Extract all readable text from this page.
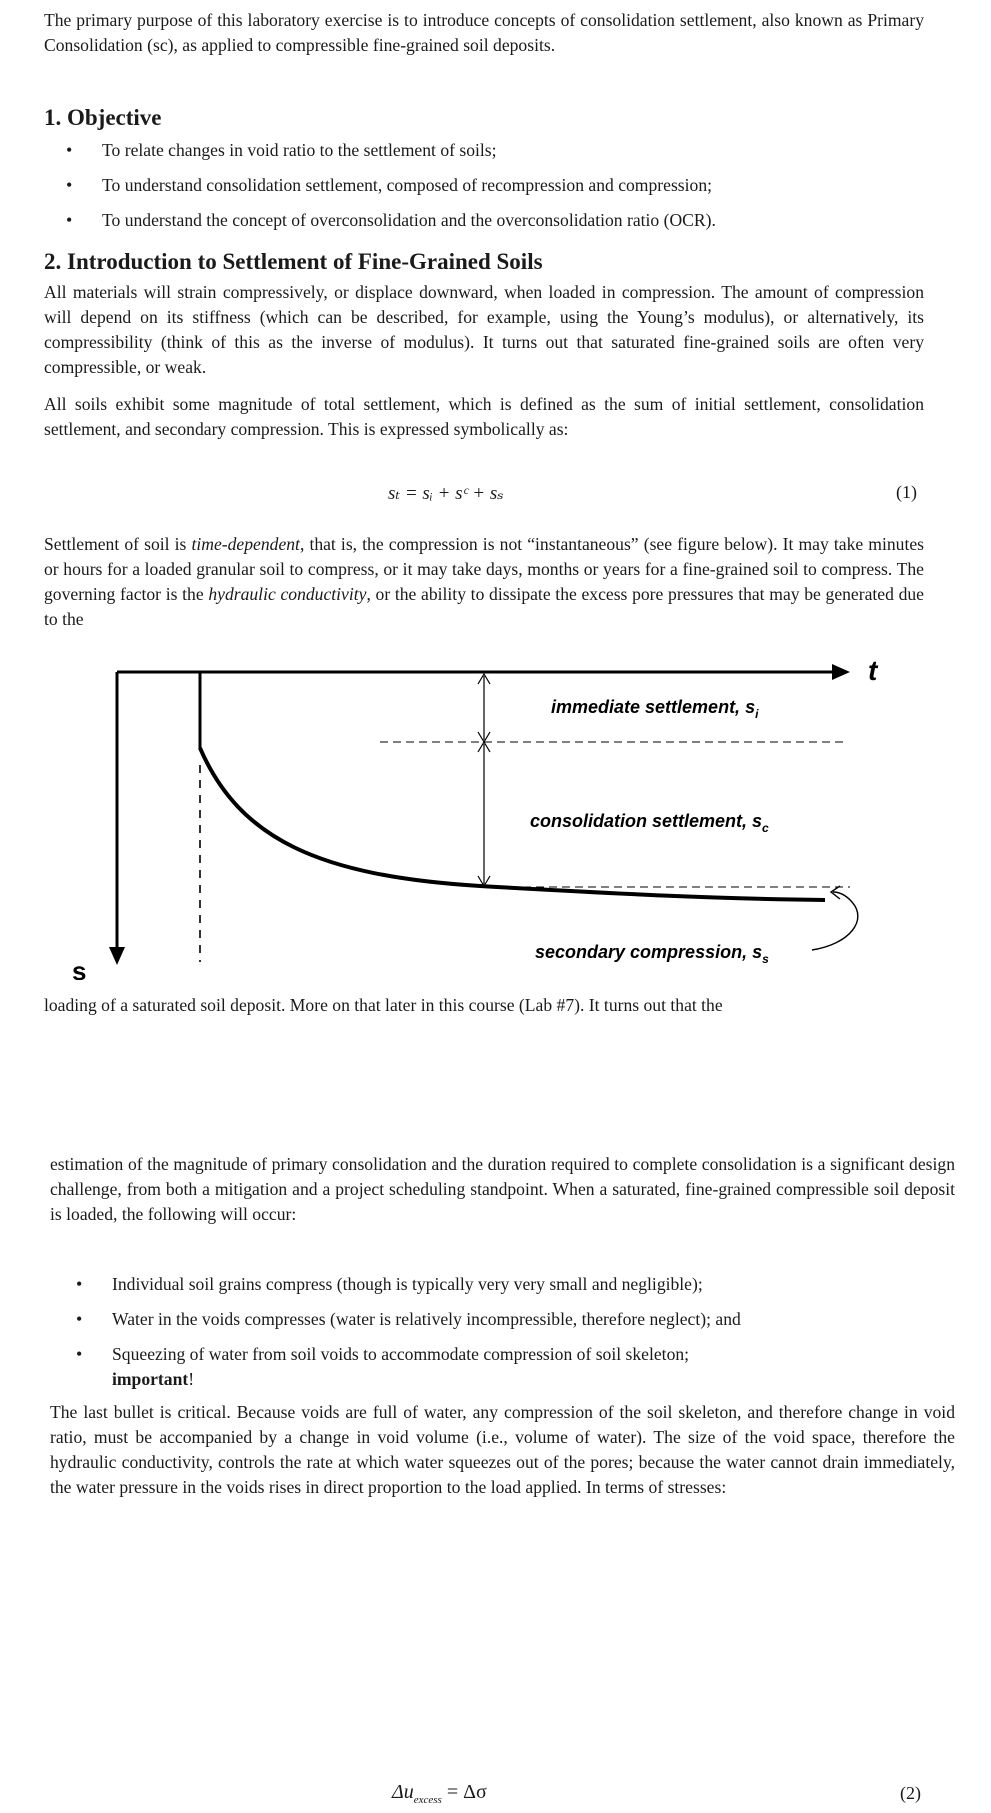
The primary purpose of this laboratory exercise is to introduce concepts of consolidation settlement, also known as Primary Consolidation (sc), as applied to compressible fine-grained soil deposits.

1. Objective
• To relate changes in void ratio to the settlement of soils;
• To understand consolidation settlement, composed of recompression and compression;
• To understand the concept of overconsolidation and the overconsolidation ratio (OCR).
2. Introduction to Settlement of Fine-Grained Soils

All materials will strain compressively, or displace downward, when loaded in compression. The amount of compression will depend on its stiffness (which can be described, for example, using the Young’s modulus), or alternatively, its compressibility (think of this as the inverse of modulus). It turns out that saturated fine-grained soils are often very compressible, or weak.

All soils exhibit some magnitude of total settlement, which is defined as the sum of initial settlement, consolidation settlement, and secondary compression. This is expressed symbolically as:

sₜ = sᵢ + sᶜ + sₛ	(1)

Settlement of soil is time-dependent, that is, the compression is not “instantaneous” (see figure below). It may take minutes or hours for a loaded granular soil to compress, or it may take days, months or years for a fine-grained soil to compress. The governing factor is the hydraulic conductivity, or the ability to dissipate the excess pore pressures that may be generated due to the

t
s
immediate settlement, $s_i$
consolidation settlement, $s_c$
secondary compression, $s_s$

loading of a saturated soil deposit. More on that later in this course (Lab #7). It turns out that the

estimation of the magnitude of primary consolidation and the duration required to complete consolidation is a significant design challenge, from both a mitigation and a project scheduling standpoint. When a saturated, fine-grained compressible soil deposit is loaded, the following will occur:

• Individual soil grains compress (though is typically very very small and negligible);
• Water in the voids compresses (water is relatively incompressible, therefore neglect); and
• Squeezing of water from soil voids to accommodate compression of soil skeleton;
important!

The last bullet is critical. Because voids are full of water, any compression of the soil skeleton, and therefore change in void ratio, must be accompanied by a change in void volume (i.e., volume of water). The size of the void space, therefore the hydraulic conductivity, controls the rate at which water squeezes out of the pores; because the water cannot drain immediately, the water pressure in the voids rises in direct proportion to the load applied. In terms of stresses:

$\Delta u_{excess} = \Delta\sigma$	(2)
